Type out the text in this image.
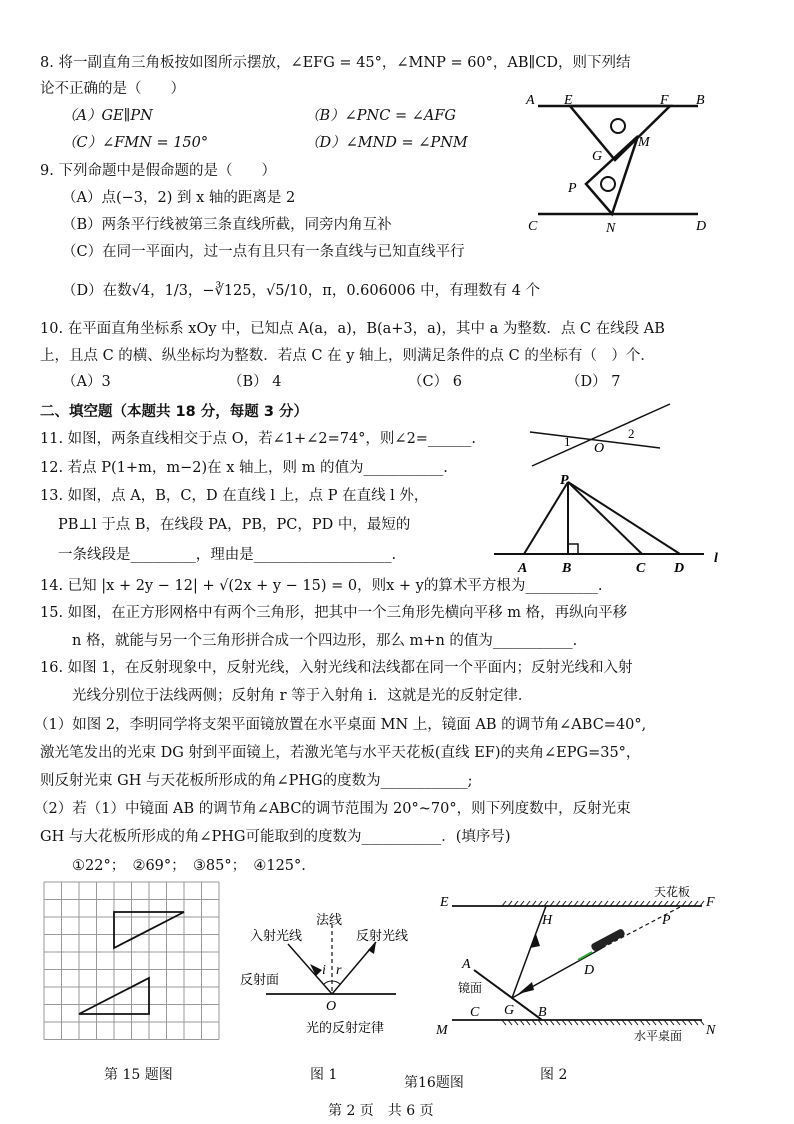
8. 将一副直角三角板按如图所示摆放，∠EFG = 45°，∠MNP = 60°，AB∥CD，则下列结
论不正确的是（　　）
（A）GE∥PN	（B）∠PNC = ∠AFG
（C）∠FMN = 150°	（D）∠MND = ∠PNM
A E	F B
M
G
P
C	N	D
9. 下列命题中是假命题的是（　　）
（A）点(−3，2) 到 x 轴的距离是 2
（B）两条平行线被第三条直线所截，同旁内角互补
（C）在同一平面内，过一点有且只有一条直线与已知直线平行
（D）在数√4，1/3，−∛125，√5/10，π，0.606006 中，有理数有 4 个
10. 在平面直角坐标系 xOy 中，已知点 A(a，a)，B(a+3，a)，其中 a 为整数．点 C 在线段 AB
上，且点 C 的横、纵坐标均为整数．若点 C 在 y 轴上，则满足条件的点 C 的坐标有（　）个．
（A）3	（B） 4	（C） 6	（D） 7
二、填空题（本题共 18 分，每题 3 分）
11. 如图，两条直线相交于点 O，若∠1+∠2=74°，则∠2=______.	1 O
2
12. 若点 P(1+m，m−2)在 x 轴上，则 m 的值为___________.
13. 如图，点 A，B，C，D 在直线 l 上，点 P 在直线 l 外，
PB⊥l 于点 B，在线段 PA，PB，PC，PD 中，最短的
一条线段是_________，理由是___________________.
P
A B	C D
l
14. 已知 |x + 2y − 12| + √(2x + y − 15) = 0，则x + y的算术平方根为__________.
15. 如图，在正方形网格中有两个三角形，把其中一个三角形先横向平移 m 格，再纵向平移
n 格，就能与另一个三角形拼合成一个四边形，那么 m+n 的值为___________.
16. 如图 1，在反射现象中，反射光线，入射光线和法线都在同一个平面内；反射光线和入射
光线分别位于法线两侧；反射角 r 等于入射角 i．这就是光的反射定律．
（1）如图 2，李明同学将支架平面镜放置在水平桌面 MN 上，镜面 AB 的调节角∠ABC=40°,
激光笔发出的光束 DG 射到平面镜上，若激光笔与水平天花板(直线 EF)的夹角∠EPG=35°，
则反射光束 GH 与天花板所形成的角∠PHG的度数为____________;
（2）若（1）中镜面 AB 的调节角∠ABC的调节范围为 20°~70°，则下列度数中，反射光束
GH 与大花板所形成的角∠PHG可能取到的度数为___________．(填序号)
①22°；　②69°；　③85°；　④125°.
入射光线
法线
反射光线
反射面
i r
O
光的反射定律
E	F
天花板
H	P
D
A
镜面
C G B
M	N
水平桌面
第 15 题图	图 1	第16题图	图 2
第 2 页　共 6 页
